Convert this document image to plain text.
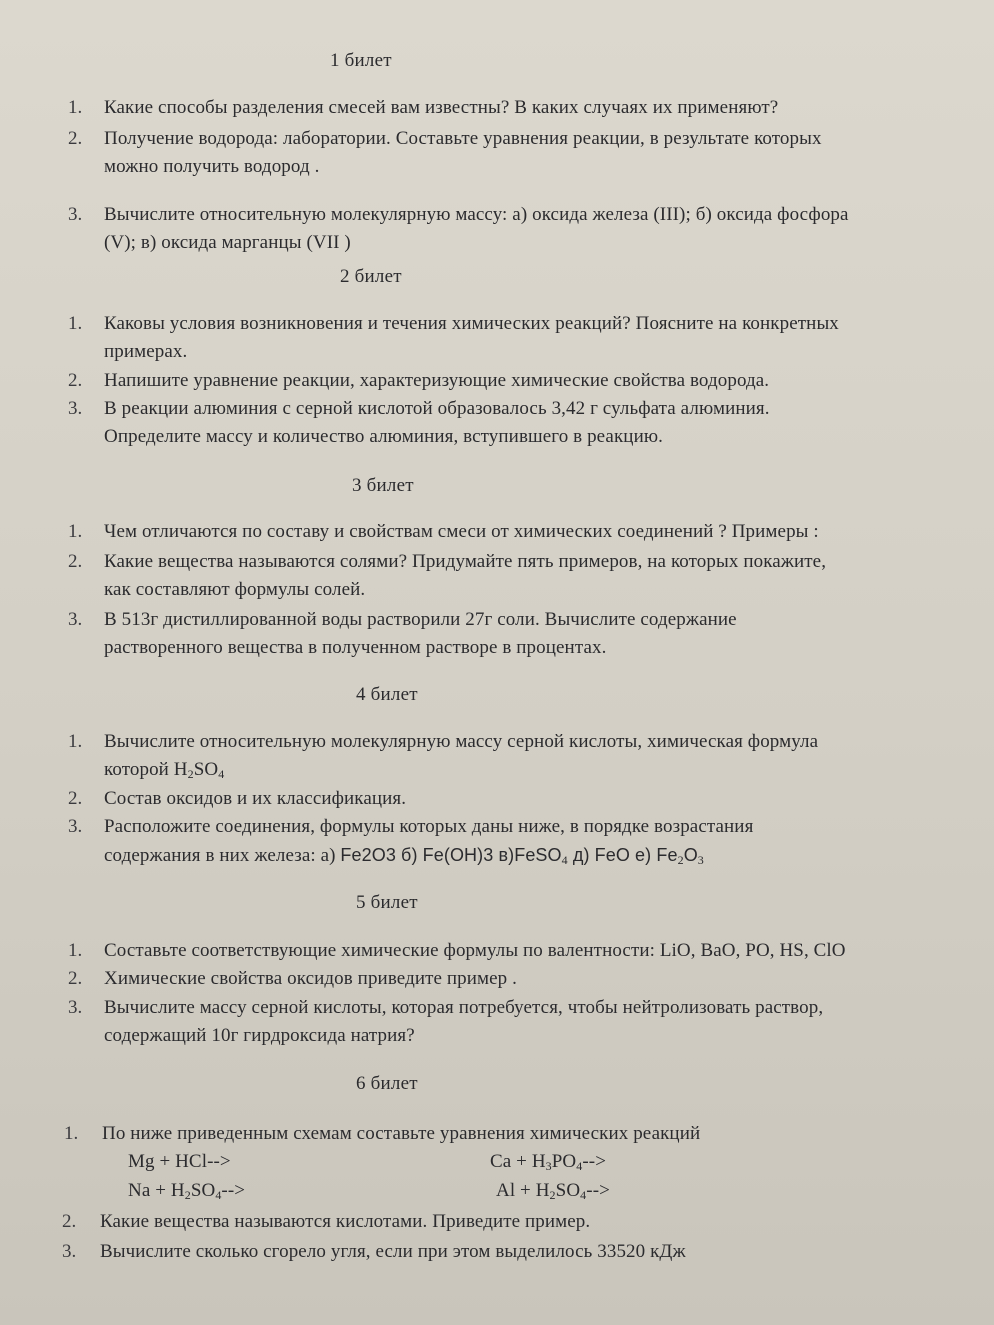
1 билет
1. Какие способы разделения смесей вам известны? В каких случаях их применяют?
2. Получение водорода: лаборатории. Составьте уравнения реакции, в результате которых
можно получить водород .
3. Вычислите относительную молекулярную массу: а) оксида железа (III); б) оксида фосфора
(V); в) оксида марганцы (VII )
2 билет
1. Каковы условия возникновения и течения химических реакций? Поясните на конкретных
примерах.
2. Напишите уравнение реакции, характеризующие химические свойства водорода.
3. В реакции алюминия с серной кислотой образовалось 3,42 г сульфата алюминия.
Определите массу и количество алюминия, вступившего в реакцию.
3 билет
1. Чем отличаются по составу и свойствам смеси от химических соединений ? Примеры :
2. Какие вещества называются солями? Придумайте пять примеров, на которых покажите,
как составляют формулы солей.
3. В 513г дистиллированной воды растворили 27г соли. Вычислите содержание
растворенного вещества в полученном растворе в процентах.
4 билет
1. Вычислите относительную молекулярную массу серной кислоты, химическая формула
которой $H_2SO_4$
2. Состав оксидов и их классификация.
3. Расположите соединения, формулы которых даны ниже, в порядке возрастания
содержания в них железа: а) Fe2O3 б) Fe(OH)3 в)FeSO$_4$ д) FeO е) $Fe_2O_3$
5 билет
1. Составьте соответствующие химические формулы по валентности: LiO, BaO, PO, HS, ClO
2. Химические свойства оксидов приведите пример .
3. Вычислите массу серной кислоты, которая потребуется, чтобы нейтролизовать раствор,
содержащий 10г гирдроксида натрия?
6 билет
1. По ниже приведенным схемам составьте уравнения химических реакций
Mg + HCl-->	$Ca + H_3PO_4-->$
$Na + H_2SO_4-->$	$Al + H_2SO_4-->$
2. Какие вещества называются кислотами. Приведите пример.
3. Вычислите сколько сгорело угля, если при этом выделилось 33520 кДж
